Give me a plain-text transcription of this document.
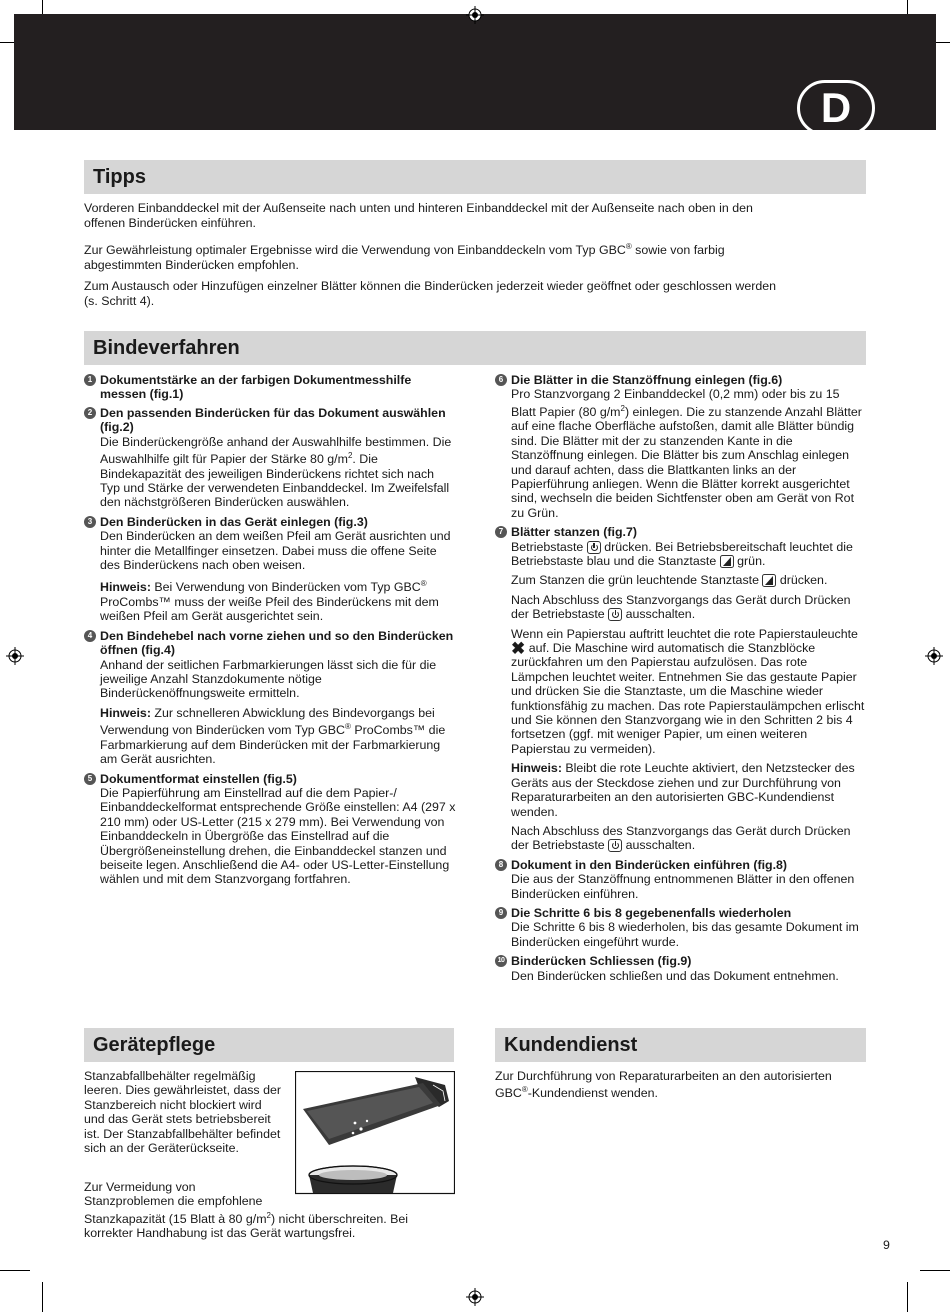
D
Tipps

Vorderen Einbanddeckel mit der Außenseite nach unten und hinteren Einbanddeckel mit der Außenseite nach oben in den offenen Binderücken einführen.

Zur Gewährleistung optimaler Ergebnisse wird die Verwendung von Einbanddeckeln vom Typ GBC® sowie von farbig abgestimmten Binderücken empfohlen.

Zum Austausch oder Hinzufügen einzelner Blätter können die Binderücken jederzeit wieder geöffnet oder geschlossen werden (s. Schritt 4).

Bindeverfahren
1 Dokumentstärke an der farbigen Dokumentmesshilfe messen (fig.1)

2 Den passenden Binderücken für das Dokument auswählen (fig.2)

Die Binderückengröße anhand der Auswahlhilfe bestimmen. Die Auswahlhilfe gilt für Papier der Stärke 80 $g/m^2$. Die Bindekapazität des jeweiligen Binderückens richtet sich nach Typ und Stärke der verwendeten Einbanddeckel. Im Zweifelsfall den nächstgrößeren Binderücken auswählen.

3 Den Binderücken in das Gerät einlegen (fig.3)

Den Binderücken an dem weißen Pfeil am Gerät ausrichten und hinter die Metallfinger einsetzen. Dabei muss die offene Seite des Binderückens nach oben weisen.

Hinweis: Bei Verwendung von Binderücken vom Typ GBC® ProCombs™ muss der weiße Pfeil des Binderückens mit dem weißen Pfeil am Gerät ausgerichtet sein.

4 Den Bindehebel nach vorne ziehen und so den Binderücken öffnen (fig.4)

Anhand der seitlichen Farbmarkierungen lässt sich die für die jeweilige Anzahl Stanzdokumente nötige Binderückenöffnungsweite ermitteln.

Hinweis: Zur schnelleren Abwicklung des Bindevorgangs bei Verwendung von Binderücken vom Typ GBC® ProCombs™ die Farbmarkierung auf dem Binderücken mit der Farbmarkierung am Gerät ausrichten.

5 Dokumentformat einstellen (fig.5)

Die Papierführung am Einstellrad auf die dem Papier-/ Einbanddeckelformat entsprechende Größe einstellen: A4 (297 x 210 mm) oder US-Letter (215 x 279 mm). Bei Verwendung von Einbanddeckeln in Übergröße das Einstellrad auf die Übergrößeneinstellung drehen, die Einbanddeckel stanzen und beiseite legen. Anschließend die A4- oder US-Letter-Einstellung wählen und mit dem Stanzvorgang fortfahren.

6 Die Blätter in die Stanzöffnung einlegen (fig.6)

Pro Stanzvorgang 2 Einbanddeckel (0,2 mm) oder bis zu 15 Blatt Papier (80 $g/m^2$) einlegen. Die zu stanzende Anzahl Blätter auf eine flache Oberfläche aufstoßen, damit alle Blätter bündig sind. Die Blätter mit der zu stanzenden Kante in die Stanzöffnung einlegen. Die Blätter bis zum Anschlag einlegen und darauf achten, dass die Blattkanten links an der Papierführung anliegen. Wenn die Blätter korrekt ausgerichtet sind, wechseln die beiden Sichtfenster oben am Gerät von Rot zu Grün.

7 Blätter stanzen (fig.7)

Betriebstaste  drücken. Bei Betriebsbereitschaft leuchtet die Betriebstaste blau und die Stanztaste  grün.

Zum Stanzen die grün leuchtende Stanztaste  drücken.

Nach Abschluss des Stanzvorgangs das Gerät durch Drücken der Betriebstaste  ausschalten.

Wenn ein Papierstau auftritt leuchtet die rote Papierstauleuchte ✖ auf. Die Maschine wird automatisch die Stanzblöcke zurückfahren um den Papierstau aufzulösen. Das rote Lämpchen leuchtet weiter. Entnehmen Sie das gestaute Papier und drücken Sie die Stanztaste, um die Maschine wieder funktionsfähig zu machen. Das rote Papierstaulämpchen erlischt und Sie können den Stanzvorgang wie in den Schritten 2 bis 4 fortsetzen (ggf. mit weniger Papier, um einen weiteren Papierstau zu vermeiden).

Hinweis: Bleibt die rote Leuchte aktiviert, den Netzstecker des Geräts aus der Steckdose ziehen und zur Durchführung von Reparaturarbeiten an den autorisierten GBC-Kundendienst wenden.

Nach Abschluss des Stanzvorgangs das Gerät durch Drücken der Betriebstaste  ausschalten.

8 Dokument in den Binderücken einführen (fig.8)

Die aus der Stanzöffnung entnommenen Blätter in den offenen Binderücken einführen.

9 Die Schritte 6 bis 8 gegebenenfalls wiederholen

Die Schritte 6 bis 8 wiederholen, bis das gesamte Dokument im Binderücken eingeführt wurde.

10 Binderücken Schliessen (fig.9)

Den Binderücken schließen und das Dokument entnehmen.

Gerätepflege

Stanzabfallbehälter regelmäßig leeren. Dies gewährleistet, dass der Stanzbereich nicht blockiert wird und das Gerät stets betriebsbereit ist. Der Stanzabfallbehälter befindet sich an der Geräterückseite.

Zur Vermeidung von Stanzproblemen die empfohlene
Stanzkapazität (15 Blatt à 80 $g/m^2$) nicht überschreiten. Bei korrekter Handhabung ist das Gerät wartungsfrei.

Kundendienst

Zur Durchführung von Reparaturarbeiten an den autorisierten GBC®-Kundendienst wenden.

9
